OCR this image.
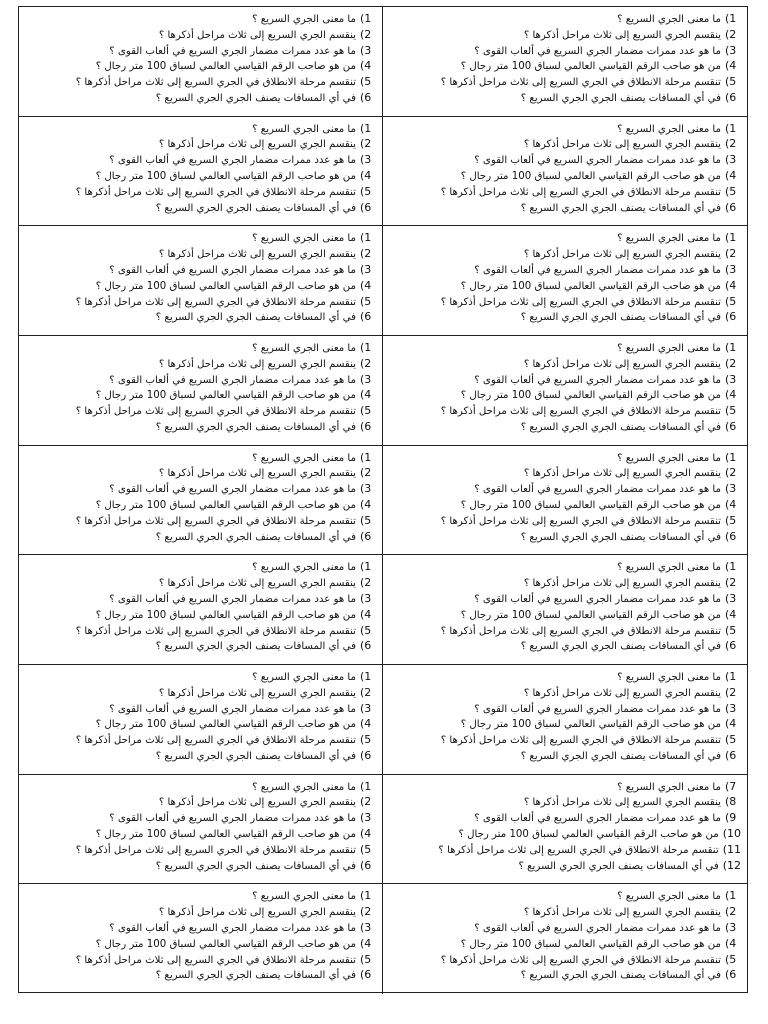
1)ما معنى الجري السريع ؟
2)ينقسم الجري السريع إلى ثلاث مراحل أذكرها ؟
3)ما هو عدد ممرات مضمار الجري السريع في ألعاب القوى ؟
4)من هو صاحب الرقم القياسي العالمي لسباق 100 متر رجال ؟
5)تنقسم مرحلة الانطلاق في الجري السريع إلى ثلاث مراحل أذكرها ؟
6)في أي المسافات يصنف الجري الجري السريع ؟
1)ما معنى الجري السريع ؟
2)ينقسم الجري السريع إلى ثلاث مراحل أذكرها ؟
3)ما هو عدد ممرات مضمار الجري السريع في ألعاب القوى ؟
4)من هو صاحب الرقم القياسي العالمي لسباق 100 متر رجال ؟
5)تنقسم مرحلة الانطلاق في الجري السريع إلى ثلاث مراحل أذكرها ؟
6)في أي المسافات يصنف الجري الجري السريع ؟
1)ما معنى الجري السريع ؟
2)ينقسم الجري السريع إلى ثلاث مراحل أذكرها ؟
3)ما هو عدد ممرات مضمار الجري السريع في ألعاب القوى ؟
4)من هو صاحب الرقم القياسي العالمي لسباق 100 متر رجال ؟
5)تنقسم مرحلة الانطلاق في الجري السريع إلى ثلاث مراحل أذكرها ؟
6)في أي المسافات يصنف الجري الجري السريع ؟
1)ما معنى الجري السريع ؟
2)ينقسم الجري السريع إلى ثلاث مراحل أذكرها ؟
3)ما هو عدد ممرات مضمار الجري السريع في ألعاب القوى ؟
4)من هو صاحب الرقم القياسي العالمي لسباق 100 متر رجال ؟
5)تنقسم مرحلة الانطلاق في الجري السريع إلى ثلاث مراحل أذكرها ؟
6)في أي المسافات يصنف الجري الجري السريع ؟
1)ما معنى الجري السريع ؟
2)ينقسم الجري السريع إلى ثلاث مراحل أذكرها ؟
3)ما هو عدد ممرات مضمار الجري السريع في ألعاب القوى ؟
4)من هو صاحب الرقم القياسي العالمي لسباق 100 متر رجال ؟
5)تنقسم مرحلة الانطلاق في الجري السريع إلى ثلاث مراحل أذكرها ؟
6)في أي المسافات يصنف الجري الجري السريع ؟
1)ما معنى الجري السريع ؟
2)ينقسم الجري السريع إلى ثلاث مراحل أذكرها ؟
3)ما هو عدد ممرات مضمار الجري السريع في ألعاب القوى ؟
4)من هو صاحب الرقم القياسي العالمي لسباق 100 متر رجال ؟
5)تنقسم مرحلة الانطلاق في الجري السريع إلى ثلاث مراحل أذكرها ؟
6)في أي المسافات يصنف الجري الجري السريع ؟
1)ما معنى الجري السريع ؟
2)ينقسم الجري السريع إلى ثلاث مراحل أذكرها ؟
3)ما هو عدد ممرات مضمار الجري السريع في ألعاب القوى ؟
4)من هو صاحب الرقم القياسي العالمي لسباق 100 متر رجال ؟
5)تنقسم مرحلة الانطلاق في الجري السريع إلى ثلاث مراحل أذكرها ؟
6)في أي المسافات يصنف الجري الجري السريع ؟
1)ما معنى الجري السريع ؟
2)ينقسم الجري السريع إلى ثلاث مراحل أذكرها ؟
3)ما هو عدد ممرات مضمار الجري السريع في ألعاب القوى ؟
4)من هو صاحب الرقم القياسي العالمي لسباق 100 متر رجال ؟
5)تنقسم مرحلة الانطلاق في الجري السريع إلى ثلاث مراحل أذكرها ؟
6)في أي المسافات يصنف الجري الجري السريع ؟
1)ما معنى الجري السريع ؟
2)ينقسم الجري السريع إلى ثلاث مراحل أذكرها ؟
3)ما هو عدد ممرات مضمار الجري السريع في ألعاب القوى ؟
4)من هو صاحب الرقم القياسي العالمي لسباق 100 متر رجال ؟
5)تنقسم مرحلة الانطلاق في الجري السريع إلى ثلاث مراحل أذكرها ؟
6)في أي المسافات يصنف الجري الجري السريع ؟
1)ما معنى الجري السريع ؟
2)ينقسم الجري السريع إلى ثلاث مراحل أذكرها ؟
3)ما هو عدد ممرات مضمار الجري السريع في ألعاب القوى ؟
4)من هو صاحب الرقم القياسي العالمي لسباق 100 متر رجال ؟
5)تنقسم مرحلة الانطلاق في الجري السريع إلى ثلاث مراحل أذكرها ؟
6)في أي المسافات يصنف الجري الجري السريع ؟
1)ما معنى الجري السريع ؟
2)ينقسم الجري السريع إلى ثلاث مراحل أذكرها ؟
3)ما هو عدد ممرات مضمار الجري السريع في ألعاب القوى ؟
4)من هو صاحب الرقم القياسي العالمي لسباق 100 متر رجال ؟
5)تنقسم مرحلة الانطلاق في الجري السريع إلى ثلاث مراحل أذكرها ؟
6)في أي المسافات يصنف الجري الجري السريع ؟
1)ما معنى الجري السريع ؟
2)ينقسم الجري السريع إلى ثلاث مراحل أذكرها ؟
3)ما هو عدد ممرات مضمار الجري السريع في ألعاب القوى ؟
4)من هو صاحب الرقم القياسي العالمي لسباق 100 متر رجال ؟
5)تنقسم مرحلة الانطلاق في الجري السريع إلى ثلاث مراحل أذكرها ؟
6)في أي المسافات يصنف الجري الجري السريع ؟
1)ما معنى الجري السريع ؟
2)ينقسم الجري السريع إلى ثلاث مراحل أذكرها ؟
3)ما هو عدد ممرات مضمار الجري السريع في ألعاب القوى ؟
4)من هو صاحب الرقم القياسي العالمي لسباق 100 متر رجال ؟
5)تنقسم مرحلة الانطلاق في الجري السريع إلى ثلاث مراحل أذكرها ؟
6)في أي المسافات يصنف الجري الجري السريع ؟
1)ما معنى الجري السريع ؟
2)ينقسم الجري السريع إلى ثلاث مراحل أذكرها ؟
3)ما هو عدد ممرات مضمار الجري السريع في ألعاب القوى ؟
4)من هو صاحب الرقم القياسي العالمي لسباق 100 متر رجال ؟
5)تنقسم مرحلة الانطلاق في الجري السريع إلى ثلاث مراحل أذكرها ؟
6)في أي المسافات يصنف الجري الجري السريع ؟
1)ما معنى الجري السريع ؟
2)ينقسم الجري السريع إلى ثلاث مراحل أذكرها ؟
3)ما هو عدد ممرات مضمار الجري السريع في ألعاب القوى ؟
4)من هو صاحب الرقم القياسي العالمي لسباق 100 متر رجال ؟
5)تنقسم مرحلة الانطلاق في الجري السريع إلى ثلاث مراحل أذكرها ؟
6)في أي المسافات يصنف الجري الجري السريع ؟
7)ما معنى الجري السريع ؟
8)ينقسم الجري السريع إلى ثلاث مراحل أذكرها ؟
9)ما هو عدد ممرات مضمار الجري السريع في ألعاب القوى ؟
10)من هو صاحب الرقم القياسي العالمي لسباق 100 متر رجال ؟
11)تنقسم مرحلة الانطلاق في الجري السريع إلى ثلاث مراحل أذكرها ؟
12)في أي المسافات يصنف الجري الجري السريع ؟
1)ما معنى الجري السريع ؟
2)ينقسم الجري السريع إلى ثلاث مراحل أذكرها ؟
3)ما هو عدد ممرات مضمار الجري السريع في ألعاب القوى ؟
4)من هو صاحب الرقم القياسي العالمي لسباق 100 متر رجال ؟
5)تنقسم مرحلة الانطلاق في الجري السريع إلى ثلاث مراحل أذكرها ؟
6)في أي المسافات يصنف الجري الجري السريع ؟
1)ما معنى الجري السريع ؟
2)ينقسم الجري السريع إلى ثلاث مراحل أذكرها ؟
3)ما هو عدد ممرات مضمار الجري السريع في ألعاب القوى ؟
4)من هو صاحب الرقم القياسي العالمي لسباق 100 متر رجال ؟
5)تنقسم مرحلة الانطلاق في الجري السريع إلى ثلاث مراحل أذكرها ؟
6)في أي المسافات يصنف الجري الجري السريع ؟
